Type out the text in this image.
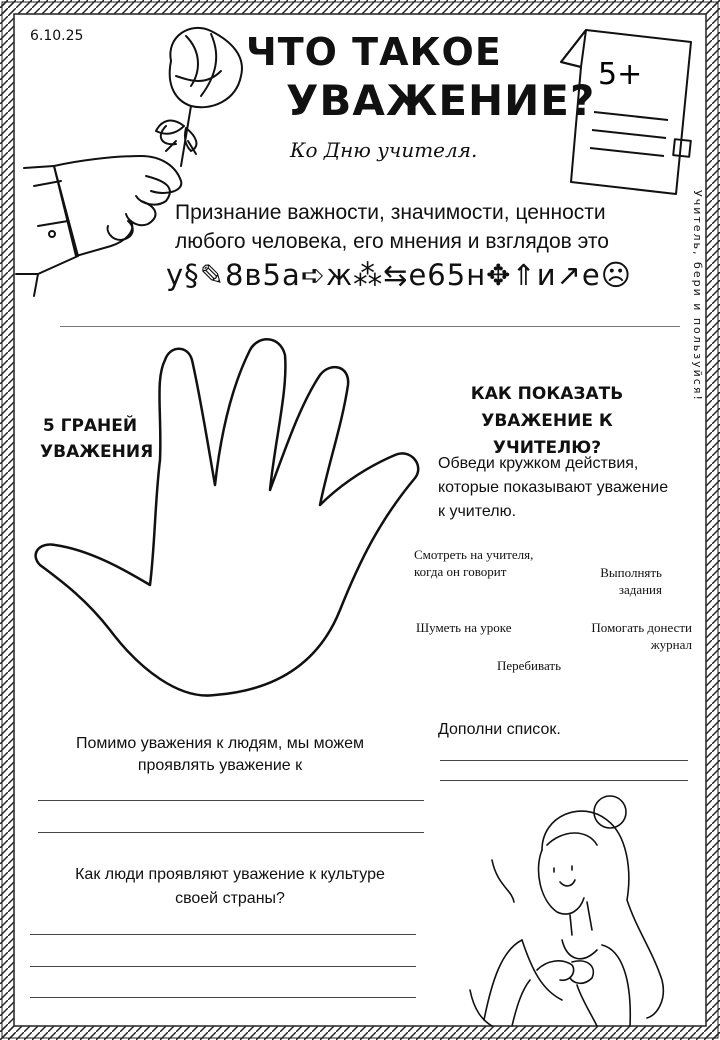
6.10.25	ЧТО ТАКОЕ
УВАЖЕНИЕ?
Ко Дню учителя.
5+
Учитель, бери и пользуйся!
Признание важности, значимости, ценности любого человека, его мнения и взглядов это
у§✎8в5а➪ж⁂⇆е65н✥⇑и↗е☹
5 ГРАНЕЙ УВАЖЕНИЯ
КАК ПОКАЗАТЬ УВАЖЕНИЕ К УЧИТЕЛЮ?
Обведи кружком действия, которые показывают уважение к учителю.
Смотреть на учителя, когда он говорит	Выполнять задания
Шуметь на уроке	Помогать донести журнал
Перебивать
Дополни список.
Помимо уважения к людям, мы можем проявлять уважение к
Как люди проявляют уважение к культуре своей страны?
